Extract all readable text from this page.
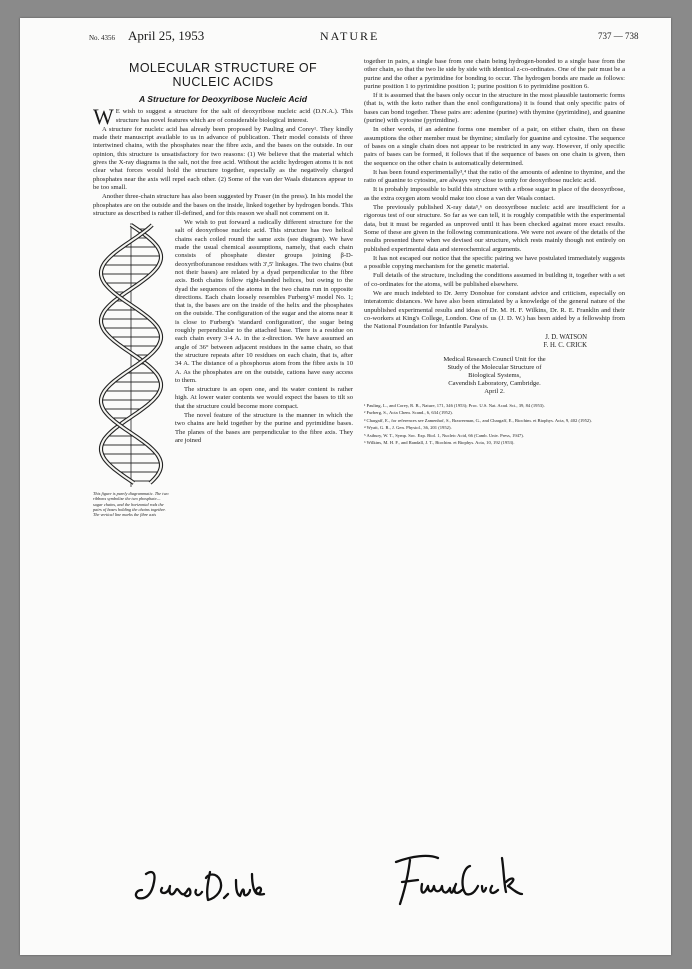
No. 4356 April 25, 1953	NATURE	737 — 738
MOLECULAR STRUCTURE OF
NUCLEIC ACIDS
A Structure for Deoxyribose Nucleic Acid

W E wish to suggest a structure for the salt of deoxyribose nucleic acid (D.N.A.). This structure has novel features which are of considerable biological interest.

A structure for nucleic acid has already been proposed by Pauling and Corey¹. They kindly made their manuscript available to us in advance of publication. Their model consists of three intertwined chains, with the phosphates near the fibre axis, and the bases on the outside. In our opinion, this structure is unsatisfactory for two reasons: (1) We believe that the material which gives the X-ray diagrams is the salt, not the free acid. Without the acidic hydrogen atoms it is not clear what forces would hold the structure together, especially as the negatively charged phosphates near the axis will repel each other. (2) Some of the van der Waals distances appear to be too small.

Another three-chain structure has also been suggested by Fraser (in the press). In his model the phosphates are on the outside and the bases on the inside, linked together by hydrogen bonds. This structure as described is rather ill-defined, and for this reason we shall not comment on it.

This figure is purely diagrammatic. The two ribbons symbolize the two phosphate—sugar chains, and the horizontal rods the pairs of bases holding the chains together. The vertical line marks the fibre axis

We wish to put forward a radically different structure for the salt of deoxyribose nucleic acid. This structure has two helical chains each coiled round the same axis (see diagram). We have made the usual chemical assumptions, namely, that each chain consists of phosphate diester groups joining β-D-deoxyribofuranose residues with 3',5' linkages. The two chains (but not their bases) are related by a dyad perpendicular to the fibre axis. Both chains follow right-handed helices, but owing to the dyad the sequences of the atoms in the two chains run in opposite directions. Each chain loosely resembles Furberg's² model No. 1; that is, the bases are on the inside of the helix and the phosphates on the outside. The configuration of the sugar and the atoms near it is close to Furberg's 'standard configuration', the sugar being roughly perpendicular to the attached base. There is a residue on each chain every 3·4 A. in the z-direction. We have assumed an angle of 36° between adjacent residues in the same chain, so that the structure repeats after 10 residues on each chain, that is, after 34 A. The distance of a phosphorus atom from the fibre axis is 10 A. As the phosphates are on the outside, cations have easy access to them.

The structure is an open one, and its water content is rather high. At lower water contents we would expect the bases to tilt so that the structure could become more compact.

The novel feature of the structure is the manner in which the two chains are held together by the purine and pyrimidine bases. The planes of the bases are perpendicular to the fibre axis. They are joined

together in pairs, a single base from one chain being hydrogen-bonded to a single base from the other chain, so that the two lie side by side with identical z-co-ordinates. One of the pair must be a purine and the other a pyrimidine for bonding to occur. The hydrogen bonds are made as follows: purine position 1 to pyrimidine position 1; purine position 6 to pyrimidine position 6.

If it is assumed that the bases only occur in the structure in the most plausible tautomeric forms (that is, with the keto rather than the enol configurations) it is found that only specific pairs of bases can bond together. These pairs are: adenine (purine) with thymine (pyrimidine), and guanine (purine) with cytosine (pyrimidine).

In other words, if an adenine forms one member of a pair, on either chain, then on these assumptions the other member must be thymine; similarly for guanine and cytosine. The sequence of bases on a single chain does not appear to be restricted in any way. However, if only specific pairs of bases can be formed, it follows that if the sequence of bases on one chain is given, then the sequence on the other chain is automatically determined.

It has been found experimentally³,⁴ that the ratio of the amounts of adenine to thymine, and the ratio of guanine to cytosine, are always very close to unity for deoxyribose nucleic acid.

It is probably impossible to build this structure with a ribose sugar in place of the deoxyribose, as the extra oxygen atom would make too close a van der Waals contact.

The previously published X-ray data⁵,⁶ on deoxyribose nucleic acid are insufficient for a rigorous test of our structure. So far as we can tell, it is roughly compatible with the experimental data, but it must be regarded as unproved until it has been checked against more exact results. Some of these are given in the following communications. We were not aware of the details of the results presented there when we devised our structure, which rests mainly though not entirely on published experimental data and stereochemical arguments.

It has not escaped our notice that the specific pairing we have postulated immediately suggests a possible copying mechanism for the genetic material.

Full details of the structure, including the conditions assumed in building it, together with a set of co-ordinates for the atoms, will be published elsewhere.

We are much indebted to Dr. Jerry Donohue for constant advice and criticism, especially on interatomic distances. We have also been stimulated by a knowledge of the general nature of the unpublished experimental results and ideas of Dr. M. H. F. Wilkins, Dr. R. E. Franklin and their co-workers at King's College, London. One of us (J. D. W.) has been aided by a fellowship from the National Foundation for Infantile Paralysis.

J. D. WATSON
F. H. C. CRICK
Medical Research Council Unit for the
Study of the Molecular Structure of
Biological Systems,
Cavendish Laboratory, Cambridge.
April 2.
¹ Pauling, L., and Corey, R. B., Nature, 171, 346 (1953); Proc. U.S. Nat. Acad. Sci., 39, 84 (1953).
² Furberg, S., Acta Chem. Scand., 6, 634 (1952).
³ Chargaff, E., for references see Zamenhof, S., Brawerman, G., and Chargaff, E., Biochim. et Biophys. Acta, 9, 402 (1952).
⁴ Wyatt, G. R., J. Gen. Physiol., 36, 201 (1952).
⁵ Astbury, W. T., Symp. Soc. Exp. Biol. 1, Nucleic Acid, 66 (Camb. Univ. Press, 1947).
⁶ Wilkins, M. H. F., and Randall, J. T., Biochim. et Biophys. Acta, 10, 192 (1953).
